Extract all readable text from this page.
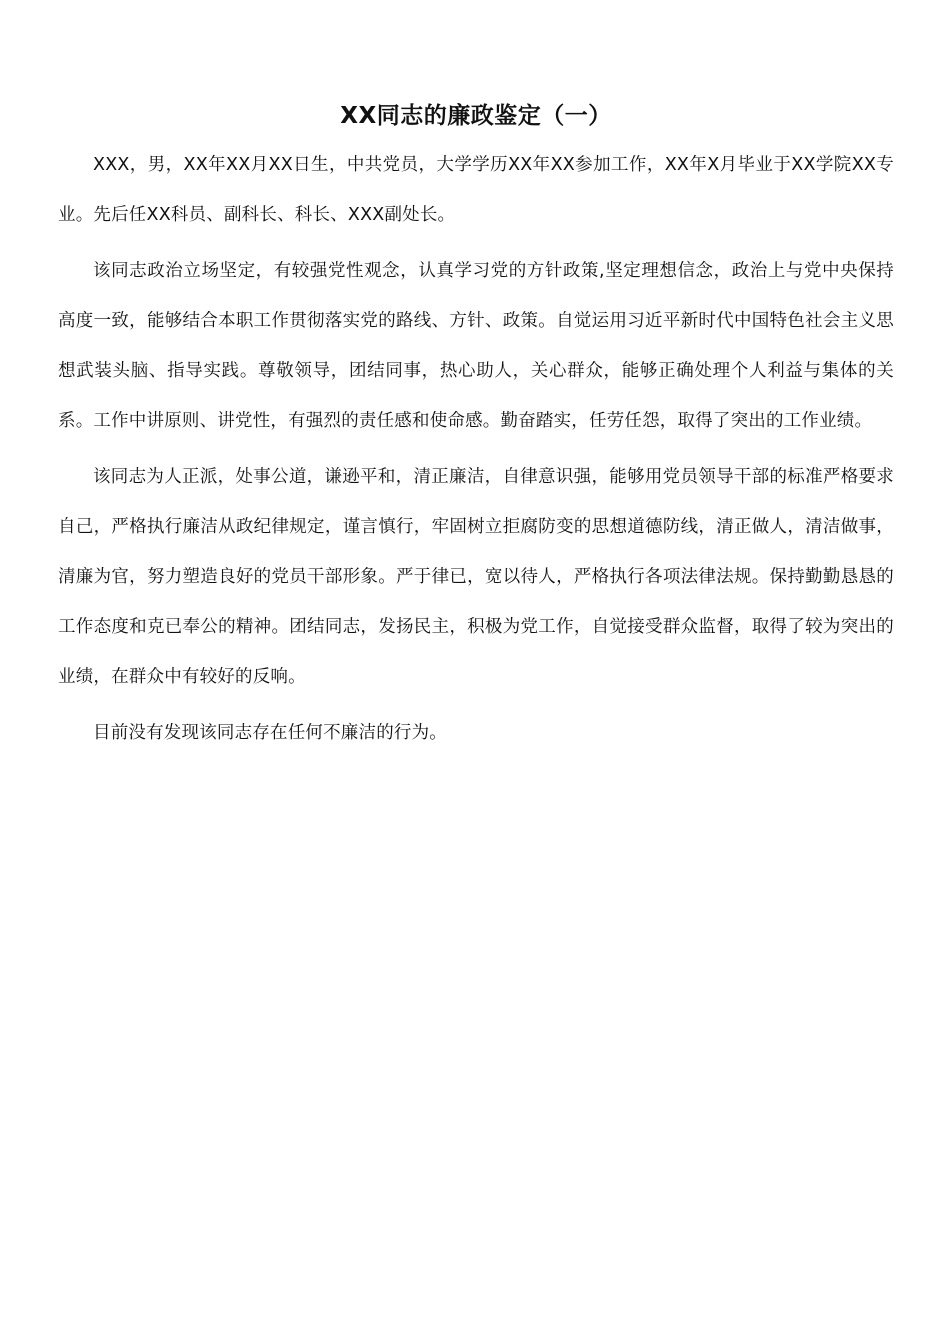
XX同志的廉政鉴定（一）

XXX，男，XX年XX月XX日生，中共党员，大学学历XX年XX参加工作，XX年X月毕业于XX学院XX专业。先后任XX科员、副科长、科长、XXX副处长。

该同志政治立场坚定，有较强党性观念，认真学习党的方针政策,坚定理想信念，政治上与党中央保持高度一致，能够结合本职工作贯彻落实党的路线、方针、政策。自觉运用习近平新时代中国特色社会主义思想武装头脑、指导实践。尊敬领导，团结同事，热心助人，关心群众，能够正确处理个人利益与集体的关系。工作中讲原则、讲党性，有强烈的责任感和使命感。勤奋踏实，任劳任怨，取得了突出的工作业绩。

该同志为人正派，处事公道，谦逊平和，清正廉洁，自律意识强，能够用党员领导干部的标准严格要求自己，严格执行廉洁从政纪律规定，谨言慎行，牢固树立拒腐防变的思想道德防线，清正做人，清洁做事，清廉为官，努力塑造良好的党员干部形象。严于律已，宽以待人，严格执行各项法律法规。保持勤勤恳恳的工作态度和克已奉公的精神。团结同志，发扬民主，积极为党工作，自觉接受群众监督，取得了较为突出的业绩，在群众中有较好的反响。

目前没有发现该同志存在任何不廉洁的行为。
